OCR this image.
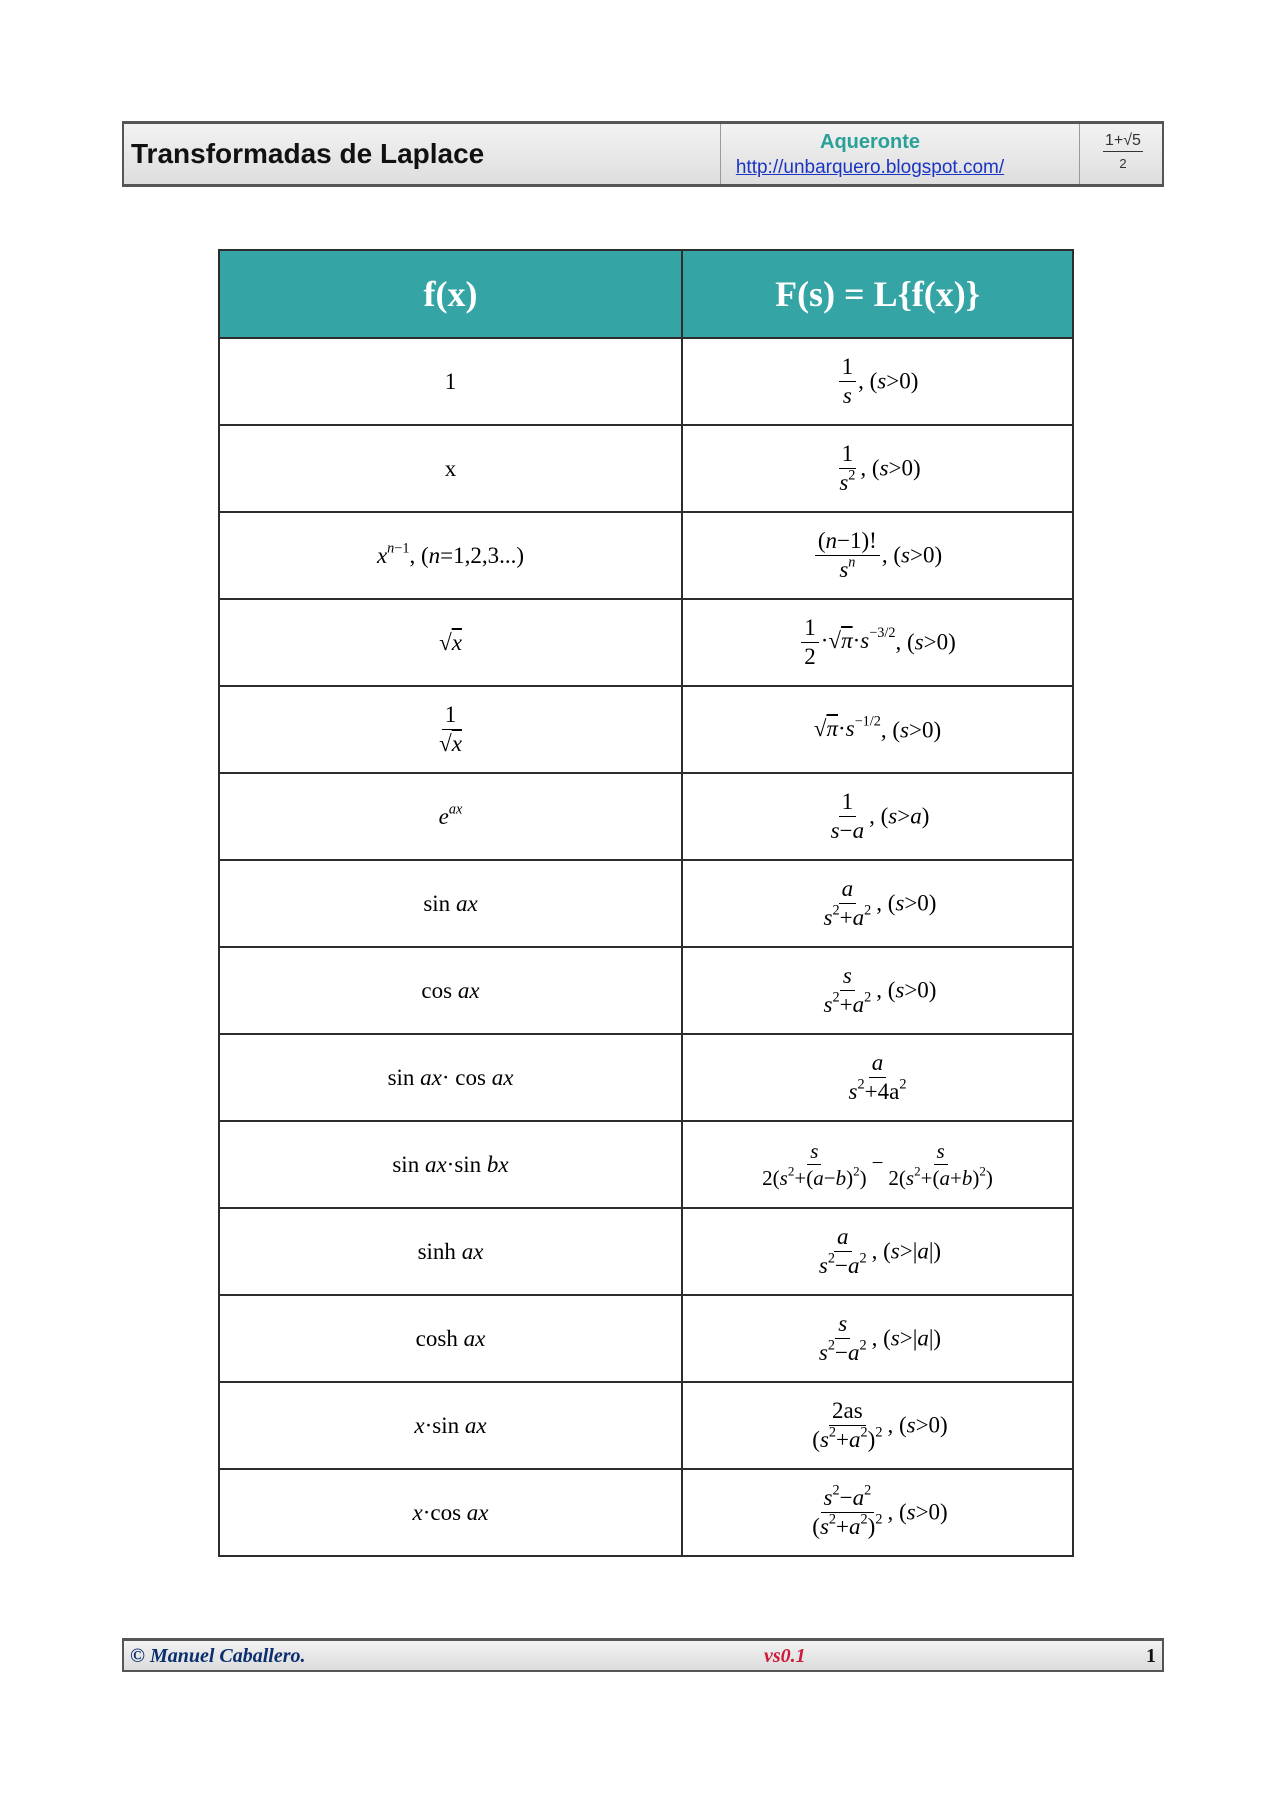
Transformadas de Laplace	Aqueronte
http://unbarquero.blogspot.com/
1+√5
2
f(x)	F(s) = L{f(x)}
1	$\frac{1}{s}$ , (s>0)
x	$\frac{1}{s^2}$ , (s>0)
$x^{n-1}$, (n=1,2,3...)	$\frac{(n-1)!}{s^n}$ , (s>0)
√x	$\frac{1}{2} \cdot√\pi\cdot s^{-3/2}$, (s>0)

$\frac{1}{√x}$	$√\pi\cdot s^{-1/2}$, (s>0)
$e^{ax}$	$\frac{1}{s-a}$ , (s>a)
sin ax	$\frac{a}{s^2+a^2}$ , (s>0)
cos ax	$\frac{s}{s^2+a^2}$ , (s>0)
sin ax· cos ax	$\frac{a}{s^2+4a^2}$

sin ax·sin bx	$\frac{s}{2(s^2+(a-b)^2)} - \frac{s}{2(s^2+(a+b)^2)}$

sinh ax	$\frac{a}{s^2-a^2}$ , (s>|a|)
cosh ax	$\frac{s}{s^2-a^2}$ , (s>|a|)
x·sin ax	$\frac{2as}{(s^2+a^2)^2}$ , (s>0)
x·cos ax	$\frac{s^2-a^2}{(s^2+a^2)^2}$ , (s>0)
© Manuel Caballero.	vs0.1	1
